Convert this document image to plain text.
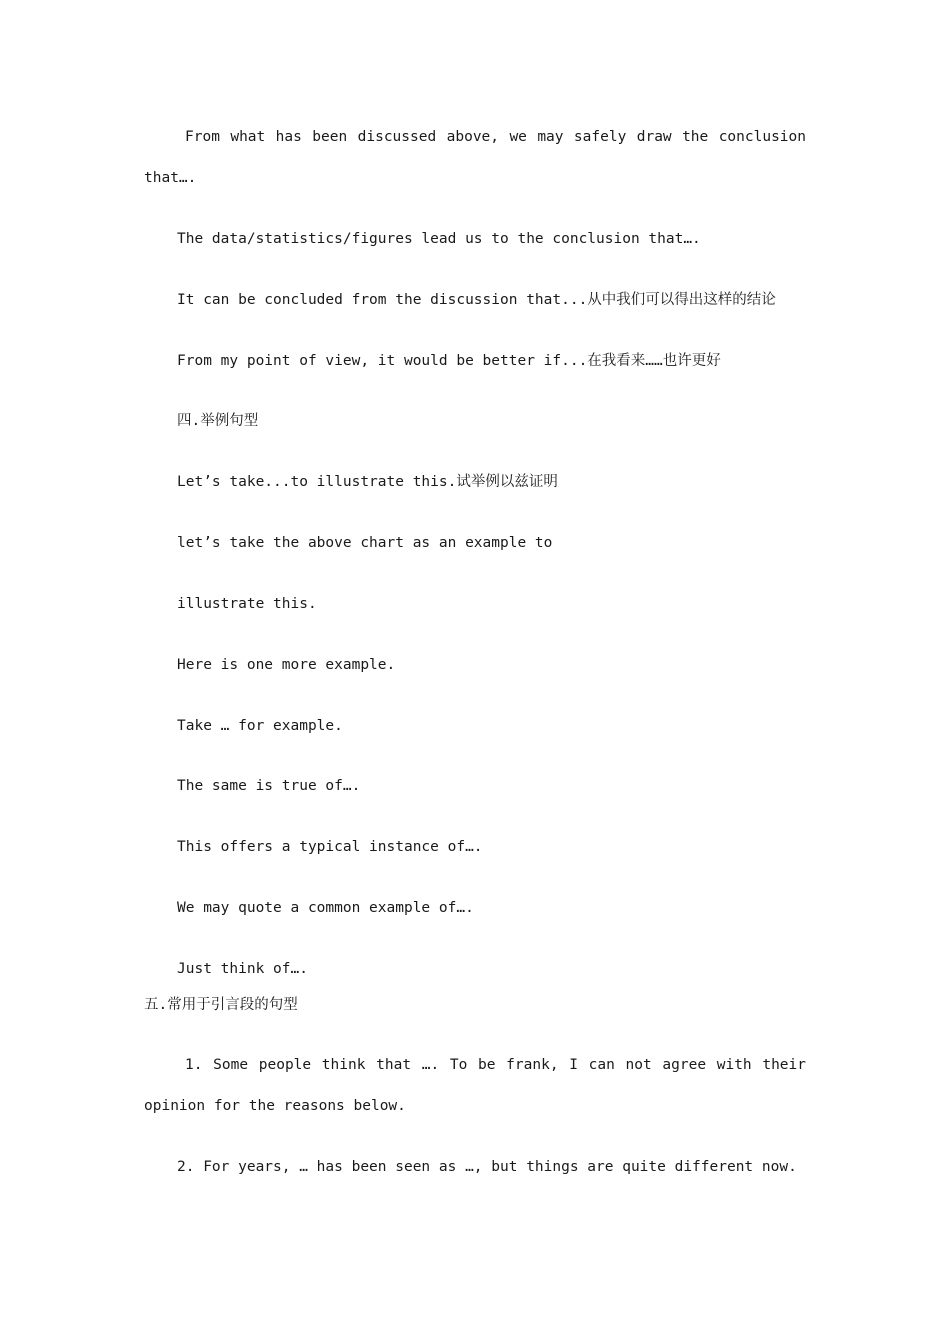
From what has been discussed above, we may safely draw the conclusion
that….
The data/statistics/figures lead us to the conclusion that….
It can be concluded from the discussion that...从中我们可以得出这样的结论
From my point of view, it would be better if...在我看来……也许更好
四.举例句型
Let’s take...to illustrate this.试举例以兹证明
let’s take the above chart as an example to
illustrate this.
Here is one more example.
Take … for example.
The same is true of….
This offers a typical instance of….
We may quote a common example of….
Just think of….
五.常用于引言段的句型
1. Some people think that …. To be frank, I can not agree with their
opinion for the reasons below.
2. For years, … has been seen as …, but things are quite different now.
